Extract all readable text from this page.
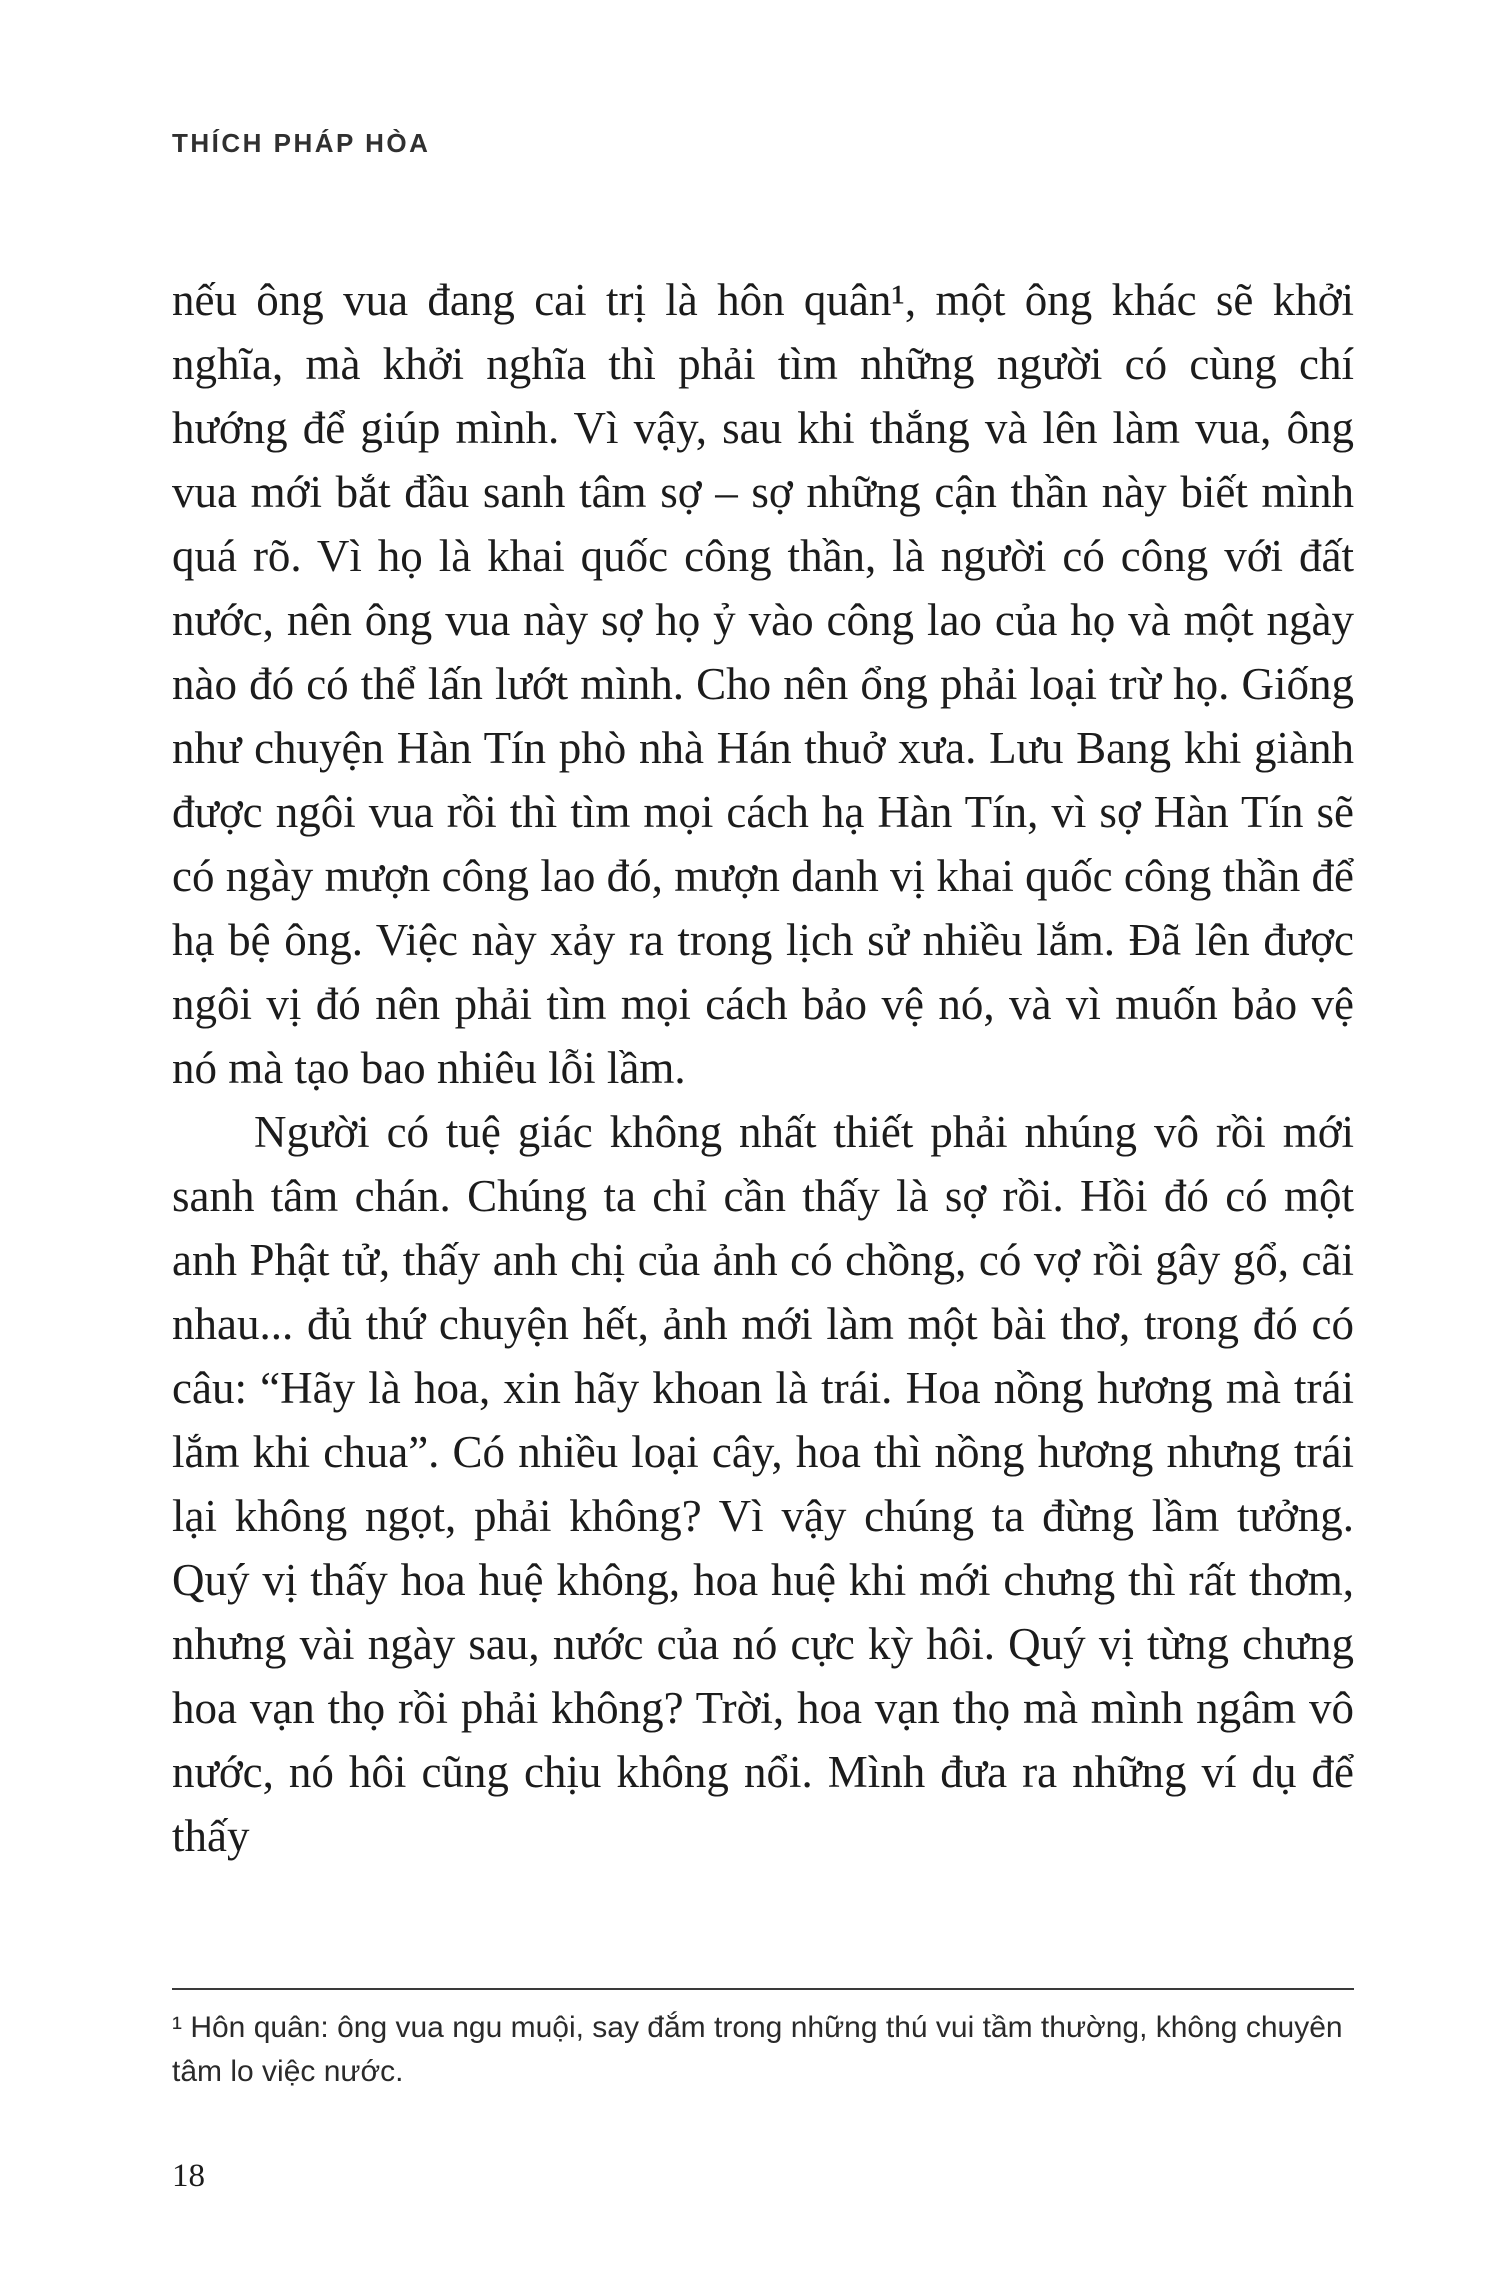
THÍCH PHÁP HÒA

nếu ông vua đang cai trị là hôn quân¹, một ông khác sẽ khởi nghĩa, mà khởi nghĩa thì phải tìm những người có cùng chí hướng để giúp mình. Vì vậy, sau khi thắng và lên làm vua, ông vua mới bắt đầu sanh tâm sợ – sợ những cận thần này biết mình quá rõ. Vì họ là khai quốc công thần, là người có công với đất nước, nên ông vua này sợ họ ỷ vào công lao của họ và một ngày nào đó có thể lấn lướt mình. Cho nên ổng phải loại trừ họ. Giống như chuyện Hàn Tín phò nhà Hán thuở xưa. Lưu Bang khi giành được ngôi vua rồi thì tìm mọi cách hạ Hàn Tín, vì sợ Hàn Tín sẽ có ngày mượn công lao đó, mượn danh vị khai quốc công thần để hạ bệ ông. Việc này xảy ra trong lịch sử nhiều lắm. Đã lên được ngôi vị đó nên phải tìm mọi cách bảo vệ nó, và vì muốn bảo vệ nó mà tạo bao nhiêu lỗi lầm.

Người có tuệ giác không nhất thiết phải nhúng vô rồi mới sanh tâm chán. Chúng ta chỉ cần thấy là sợ rồi. Hồi đó có một anh Phật tử, thấy anh chị của ảnh có chồng, có vợ rồi gây gổ, cãi nhau... đủ thứ chuyện hết, ảnh mới làm một bài thơ, trong đó có câu: “Hãy là hoa, xin hãy khoan là trái. Hoa nồng hương mà trái lắm khi chua”. Có nhiều loại cây, hoa thì nồng hương nhưng trái lại không ngọt, phải không? Vì vậy chúng ta đừng lầm tưởng. Quý vị thấy hoa huệ không, hoa huệ khi mới chưng thì rất thơm, nhưng vài ngày sau, nước của nó cực kỳ hôi. Quý vị từng chưng hoa vạn thọ rồi phải không? Trời, hoa vạn thọ mà mình ngâm vô nước, nó hôi cũng chịu không nổi. Mình đưa ra những ví dụ để thấy

¹ Hôn quân: ông vua ngu muội, say đắm trong những thú vui tầm thường, không chuyên tâm lo việc nước.

18
